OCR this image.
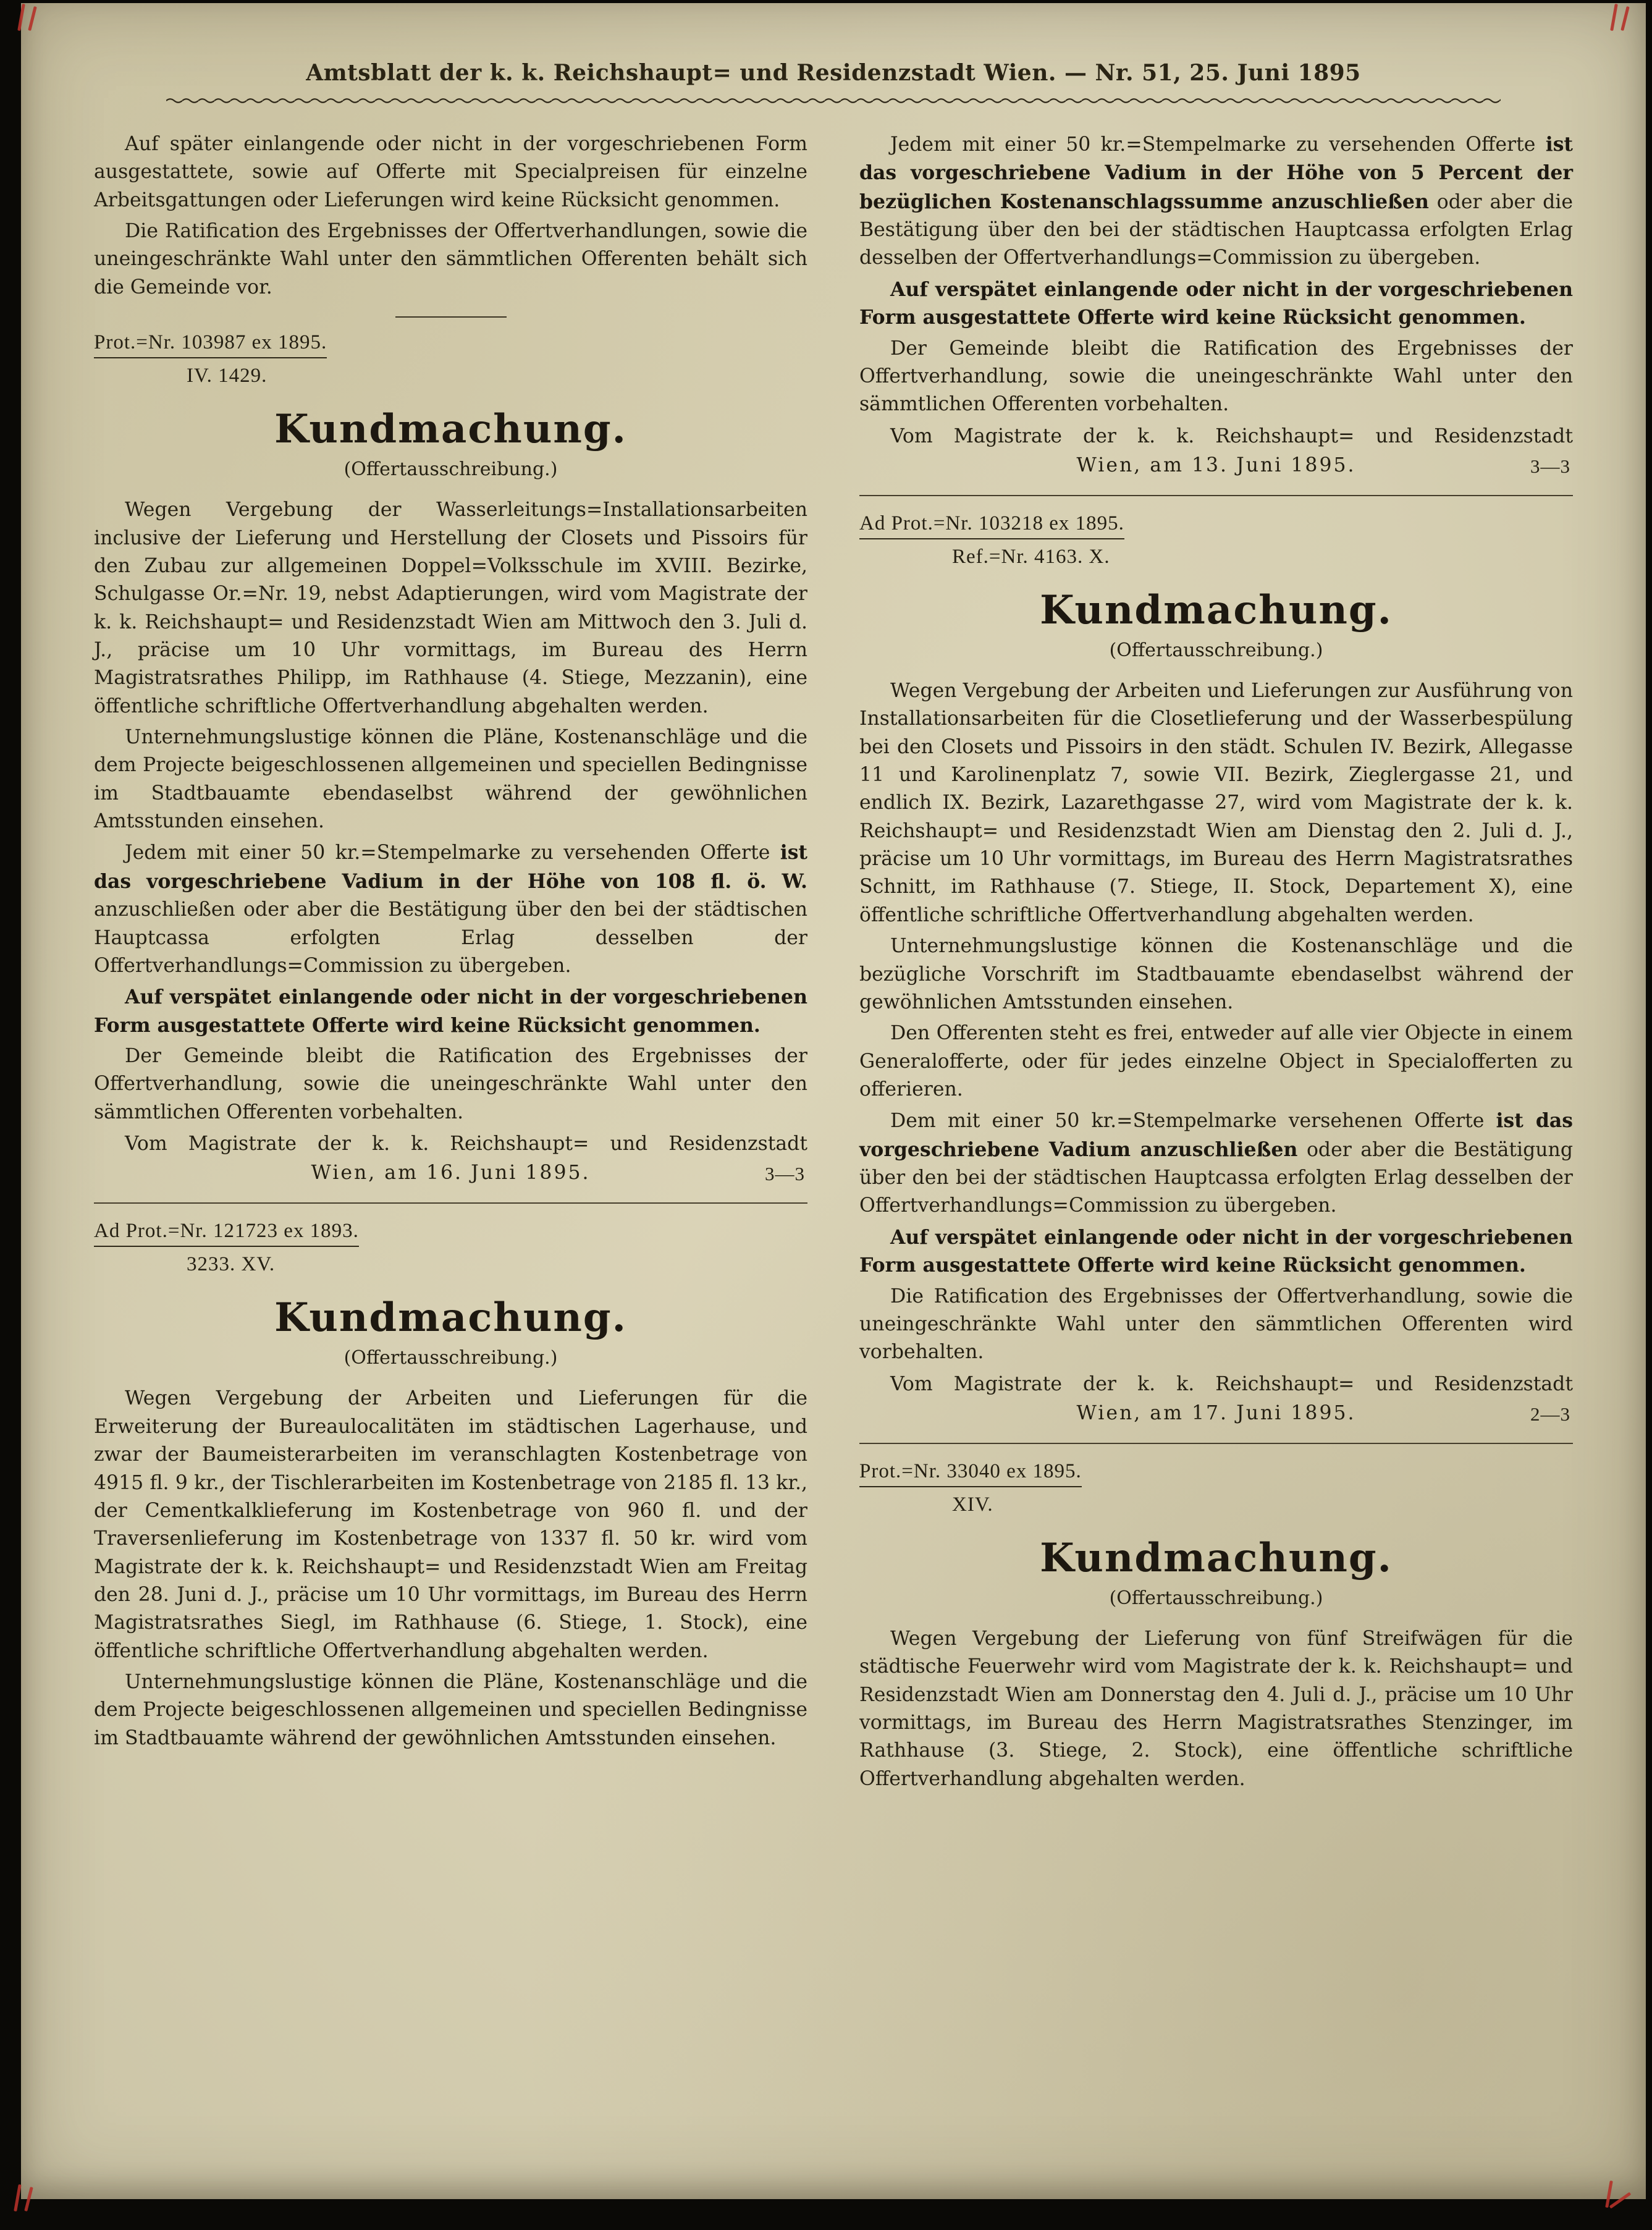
Amtsblatt der k. k. Reichshaupt= und Residenzstadt Wien. — Nr. 51, 25. Juni 1895

Auf später einlangende oder nicht in der vorgeschriebenen Form ausgestattete, sowie auf Offerte mit Specialpreisen für einzelne Arbeitsgattungen oder Lieferungen wird keine Rücksicht genommen.

Die Ratification des Ergebnisses der Offertverhandlungen, sowie die uneingeschränkte Wahl unter den sämmtlichen Offerenten behält sich die Gemeinde vor.

Prot.=Nr. 103987 ex 1895.
IV. 1429.
Kundmachung.
(Offertausschreibung.)

Wegen Vergebung der Wasserleitungs=Installationsarbeiten inclusive der Lieferung und Herstellung der Closets und Pissoirs für den Zubau zur allgemeinen Doppel=Volksschule im XVIII. Bezirke, Schulgasse Or.=Nr. 19, nebst Adaptierungen, wird vom Magistrate der k. k. Reichshaupt= und Residenzstadt Wien am Mittwoch den 3. Juli d. J., präcise um 10 Uhr vormittags, im Bureau des Herrn Magistratsrathes Philipp, im Rathhause (4. Stiege, Mezzanin), eine öffentliche schriftliche Offertverhandlung abgehalten werden.

Unternehmungslustige können die Pläne, Kostenanschläge und die dem Projecte beigeschlossenen allgemeinen und speciellen Bedingnisse im Stadtbauamte ebendaselbst während der gewöhnlichen Amtsstunden einsehen.

Jedem mit einer 50 kr.=Stempelmarke zu versehenden Offerte ist das vorgeschriebene Vadium in der Höhe von 108 fl. ö. W. anzuschließen oder aber die Bestätigung über den bei der städtischen Hauptcassa erfolgten Erlag desselben der Offertverhandlungs=Commission zu übergeben.

Auf verspätet einlangende oder nicht in der vorgeschriebenen Form ausgestattete Offerte wird keine Rücksicht genommen.

Der Gemeinde bleibt die Ratification des Ergebnisses der Offertverhandlung, sowie die uneingeschränkte Wahl unter den sämmtlichen Offerenten vorbehalten.

Vom Magistrate der k. k. Reichshaupt= und Residenzstadt
Wien, am 16. Juni 1895.	3—3
Ad Prot.=Nr. 121723 ex 1893.
3233. XV.
Kundmachung.
(Offertausschreibung.)

Wegen Vergebung der Arbeiten und Lieferungen für die Erweiterung der Bureaulocalitäten im städtischen Lagerhause, und zwar der Baumeisterarbeiten im veranschlagten Kostenbetrage von 4915 fl. 9 kr., der Tischlerarbeiten im Kostenbetrage von 2185 fl. 13 kr., der Cementkalklieferung im Kostenbetrage von 960 fl. und der Traversenlieferung im Kostenbetrage von 1337 fl. 50 kr. wird vom Magistrate der k. k. Reichshaupt= und Residenzstadt Wien am Freitag den 28. Juni d. J., präcise um 10 Uhr vormittags, im Bureau des Herrn Magistratsrathes Siegl, im Rathhause (6. Stiege, 1. Stock), eine öffentliche schriftliche Offertverhandlung abgehalten werden.

Unternehmungslustige können die Pläne, Kostenanschläge und die dem Projecte beigeschlossenen allgemeinen und speciellen Bedingnisse im Stadtbauamte während der gewöhnlichen Amtsstunden einsehen.

Jedem mit einer 50 kr.=Stempelmarke zu versehenden Offerte ist das vorgeschriebene Vadium in der Höhe von 5 Percent der bezüglichen Kostenanschlagssumme anzuschließen oder aber die Bestätigung über den bei der städtischen Hauptcassa erfolgten Erlag desselben der Offertverhandlungs=Commission zu übergeben.

Auf verspätet einlangende oder nicht in der vorgeschriebenen Form ausgestattete Offerte wird keine Rücksicht genommen.

Der Gemeinde bleibt die Ratification des Ergebnisses der Offertverhandlung, sowie die uneingeschränkte Wahl unter den sämmtlichen Offerenten vorbehalten.

Vom Magistrate der k. k. Reichshaupt= und Residenzstadt
Wien, am 13. Juni 1895.	3—3
Ad Prot.=Nr. 103218 ex 1895.
Ref.=Nr. 4163. X.
Kundmachung.
(Offertausschreibung.)

Wegen Vergebung der Arbeiten und Lieferungen zur Ausführung von Installationsarbeiten für die Closetlieferung und der Wasserbespülung bei den Closets und Pissoirs in den städt. Schulen IV. Bezirk, Allegasse 11 und Karolinenplatz 7, sowie VII. Bezirk, Zieglergasse 21, und endlich IX. Bezirk, Lazarethgasse 27, wird vom Magistrate der k. k. Reichshaupt= und Residenzstadt Wien am Dienstag den 2. Juli d. J., präcise um 10 Uhr vormittags, im Bureau des Herrn Magistratsrathes Schnitt, im Rathhause (7. Stiege, II. Stock, Departement X), eine öffentliche schriftliche Offertverhandlung abgehalten werden.

Unternehmungslustige können die Kostenanschläge und die bezügliche Vorschrift im Stadtbauamte ebendaselbst während der gewöhnlichen Amtsstunden einsehen.

Den Offerenten steht es frei, entweder auf alle vier Objecte in einem Generalofferte, oder für jedes einzelne Object in Specialofferten zu offerieren.

Dem mit einer 50 kr.=Stempelmarke versehenen Offerte ist das vorgeschriebene Vadium anzuschließen oder aber die Bestätigung über den bei der städtischen Hauptcassa erfolgten Erlag desselben der Offertverhandlungs=Commission zu übergeben.

Auf verspätet einlangende oder nicht in der vorgeschriebenen Form ausgestattete Offerte wird keine Rücksicht genommen.

Die Ratification des Ergebnisses der Offertverhandlung, sowie die uneingeschränkte Wahl unter den sämmtlichen Offerenten wird vorbehalten.

Vom Magistrate der k. k. Reichshaupt= und Residenzstadt
Wien, am 17. Juni 1895.	2—3
Prot.=Nr. 33040 ex 1895.
XIV.
Kundmachung.
(Offertausschreibung.)

Wegen Vergebung der Lieferung von fünf Streifwägen für die städtische Feuerwehr wird vom Magistrate der k. k. Reichshaupt= und Residenzstadt Wien am Donnerstag den 4. Juli d. J., präcise um 10 Uhr vormittags, im Bureau des Herrn Magistratsrathes Stenzinger, im Rathhause (3. Stiege, 2. Stock), eine öffentliche schriftliche Offertverhandlung abgehalten werden.
